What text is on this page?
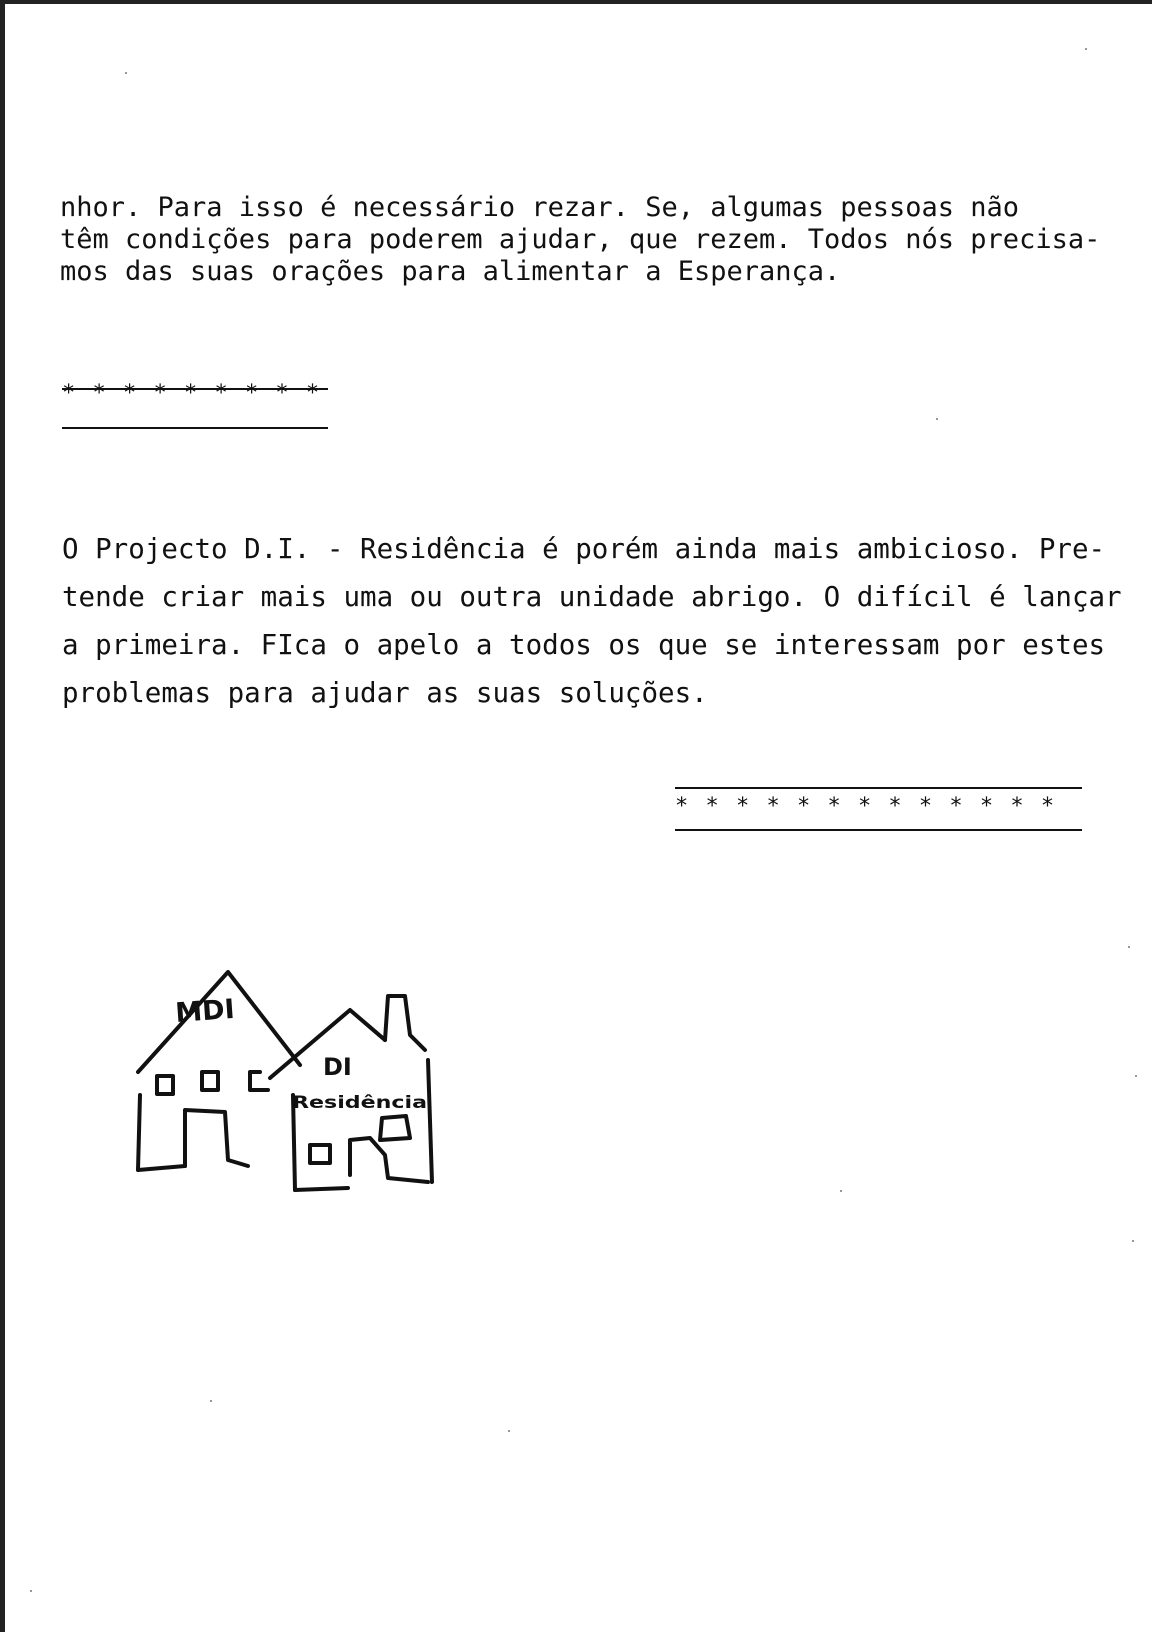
nhor. Para isso é necessário rezar. Se, algumas pessoas não
têm condições para poderem ajudar, que rezem. Todos nós precisa-
mos das suas orações para alimentar a Esperança.
* * * * * * * * *
O Projecto D.I. - Residência é porém ainda mais ambicioso. Pre-
tende criar mais uma ou outra unidade abrigo. O difícil é lançar
a primeira. FIca o apelo a todos os que se interessam por estes
problemas para ajudar as suas soluções.
* * * * * * * * * * * * *
MDI
DI
Residência
